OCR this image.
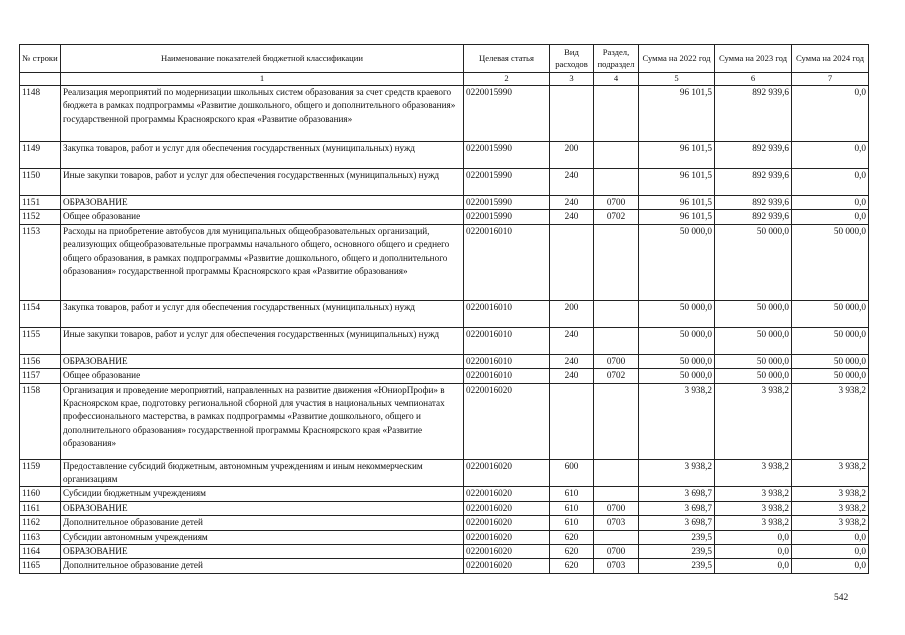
№ строки	Наименование показателей бюджетной классификации	Целевая статья	Вид расходов	Раздел, подраздел	Сумма на 2022 год	Сумма на 2023 год	Сумма на 2024 год
	1	2	3	4	5	6	7
1148	Реализация мероприятий по модернизации школьных систем образования за счет средств краевого бюджета в рамках подпрограммы «Развитие дошкольного, общего и дополнительного образования» государственной программы Красноярского края «Развитие образования»	0220015990			96 101,5	892 939,6	0,0
1149	Закупка товаров, работ и услуг для обеспечения государственных (муниципальных) нужд	0220015990	200		96 101,5	892 939,6	0,0
1150	Иные закупки товаров, работ и услуг для обеспечения государственных (муниципальных) нужд	0220015990	240		96 101,5	892 939,6	0,0
1151	ОБРАЗОВАНИЕ	0220015990	240	0700	96 101,5	892 939,6	0,0
1152	Общее образование	0220015990	240	0702	96 101,5	892 939,6	0,0
1153	Расходы на приобретение автобусов для муниципальных общеобразовательных организаций, реализующих общеобразовательные программы начального общего, основного общего и среднего общего образования, в рамках подпрограммы «Развитие дошкольного, общего и дополнительного образования» государственной программы Красноярского края «Развитие образования»	0220016010			50 000,0	50 000,0	50 000,0
1154	Закупка товаров, работ и услуг для обеспечения государственных (муниципальных) нужд	0220016010	200		50 000,0	50 000,0	50 000,0
1155	Иные закупки товаров, работ и услуг для обеспечения государственных (муниципальных) нужд	0220016010	240		50 000,0	50 000,0	50 000,0
1156	ОБРАЗОВАНИЕ	0220016010	240	0700	50 000,0	50 000,0	50 000,0
1157	Общее образование	0220016010	240	0702	50 000,0	50 000,0	50 000,0
1158	Организация и проведение мероприятий, направленных на развитие движения «ЮниорПрофи» в Красноярском крае, подготовку региональной сборной для участия в национальных чемпионатах профессионального мастерства, в рамках подпрограммы «Развитие дошкольного, общего и дополнительного образования» государственной программы Красноярского края «Развитие образования»	0220016020			3 938,2	3 938,2	3 938,2
1159	Предоставление субсидий бюджетным, автономным учреждениям и иным некоммерческим организациям	0220016020	600		3 938,2	3 938,2	3 938,2
1160	Субсидии бюджетным учреждениям	0220016020	610		3 698,7	3 938,2	3 938,2
1161	ОБРАЗОВАНИЕ	0220016020	610	0700	3 698,7	3 938,2	3 938,2
1162	Дополнительное образование детей	0220016020	610	0703	3 698,7	3 938,2	3 938,2
1163	Субсидии автономным учреждениям	0220016020	620		239,5	0,0	0,0
1164	ОБРАЗОВАНИЕ	0220016020	620	0700	239,5	0,0	0,0
1165	Дополнительное образование детей	0220016020	620	0703	239,5	0,0	0,0
542
